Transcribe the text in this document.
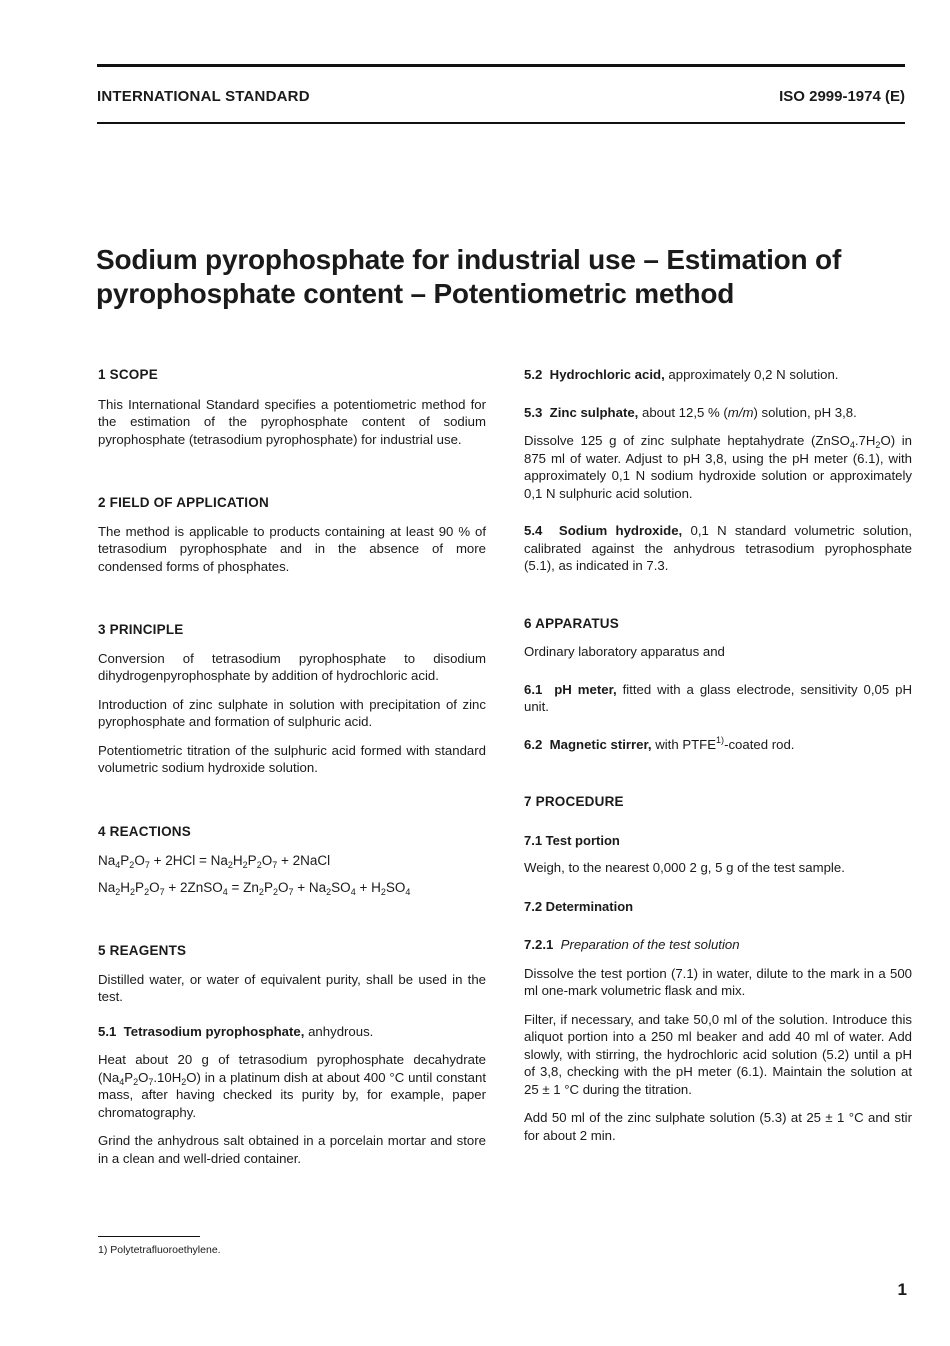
INTERNATIONAL STANDARD	ISO 2999-1974 (E)
Sodium pyrophosphate for industrial use – Estimation of
pyrophosphate content – Potentiometric method

1 SCOPE

This International Standard specifies a potentiometric method for the estimation of the pyrophosphate content of sodium pyrophosphate (tetrasodium pyrophosphate) for industrial use.

2 FIELD OF APPLICATION

The method is applicable to products containing at least 90 % of tetrasodium pyrophosphate and in the absence of more condensed forms of phosphates.

3 PRINCIPLE

Conversion of tetrasodium pyrophosphate to disodium dihydrogenpyrophosphate by addition of hydrochloric acid.

Introduction of zinc sulphate in solution with precipitation of zinc pyrophosphate and formation of sulphuric acid.

Potentiometric titration of the sulphuric acid formed with standard volumetric sodium hydroxide solution.

4 REACTIONS

$Na_4P_2O_7 + 2HCl = Na_2H_2P_2O_7$ + 2NaCl

$Na_2H_2P_2O_7$ + 2ZnSO$_4$ = $Zn_2P_2O_7 + Na_2SO_4 + H_2SO_4$

5 REAGENTS

Distilled water, or water of equivalent purity, shall be used in the test.

5.1 Tetrasodium pyrophosphate, anhydrous.

Heat about 20 g of tetrasodium pyrophosphate decahydrate $(Na_4P_2O_7.10H_2O)$ in a platinum dish at about 400 °C until constant mass, after having checked its purity by, for example, paper chromatography.

Grind the anhydrous salt obtained in a porcelain mortar and store in a clean and well-dried container.

5.2 Hydrochloric acid, approximately 0,2 N solution.

5.3 Zinc sulphate, about 12,5 % (m/m) solution, pH 3,8.

Dissolve 125 g of zinc sulphate heptahydrate $(ZnSO_4.7H_2O)$ in 875 ml of water. Adjust to pH 3,8, using the pH meter (6.1), with approximately 0,1 N sodium hydroxide solution or approximately 0,1 N sulphuric acid solution.

5.4 Sodium hydroxide, 0,1 N standard volumetric solution, calibrated against the anhydrous tetrasodium pyrophosphate (5.1), as indicated in 7.3.

6 APPARATUS

Ordinary laboratory apparatus and

6.1 pH meter, fitted with a glass electrode, sensitivity 0,05 pH unit.

6.2 Magnetic stirrer, with PTFE$^{1)}$-coated rod.

7 PROCEDURE

7.1 Test portion

Weigh, to the nearest 0,000 2 g, 5 g of the test sample.

7.2 Determination

7.2.1 Preparation of the test solution

Dissolve the test portion (7.1) in water, dilute to the mark in a 500 ml one-mark volumetric flask and mix.

Filter, if necessary, and take 50,0 ml of the solution. Introduce this aliquot portion into a 250 ml beaker and add 40 ml of water. Add slowly, with stirring, the hydrochloric acid solution (5.2) until a pH of 3,8, checking with the pH meter (6.1). Maintain the solution at 25 ± 1 °C during the titration.

Add 50 ml of the zinc sulphate solution (5.3) at 25 ± 1 °C and stir for about 2 min.

1) Polytetrafluoroethylene.
1
